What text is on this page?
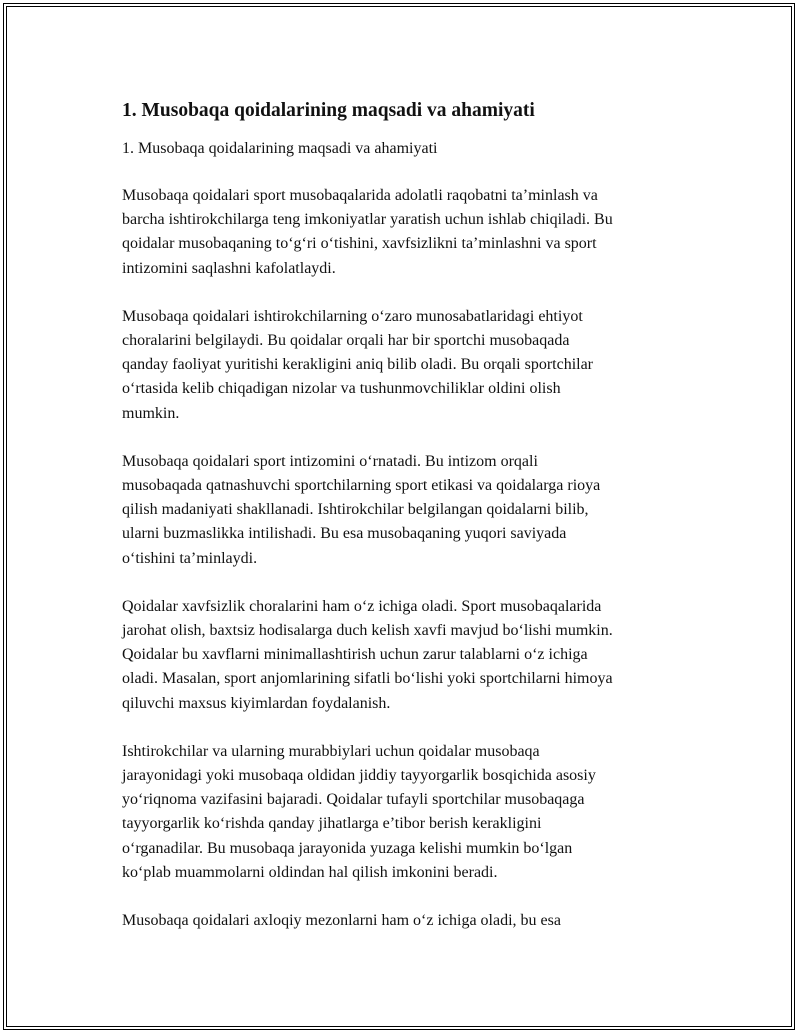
1. Musobaqa qoidalarining maqsadi va ahamiyati
1. Musobaqa qoidalarining maqsadi va ahamiyati
Musobaqa qoidalari sport musobaqalarida adolatli raqobatni ta’minlash va
barcha ishtirokchilarga teng imkoniyatlar yaratish uchun ishlab chiqiladi. Bu
qoidalar musobaqaning to‘g‘ri o‘tishini, xavfsizlikni ta’minlashni va sport
intizomini saqlashni kafolatlaydi.
Musobaqa qoidalari ishtirokchilarning o‘zaro munosabatlaridagi ehtiyot
choralarini belgilaydi. Bu qoidalar orqali har bir sportchi musobaqada
qanday faoliyat yuritishi kerakligini aniq bilib oladi. Bu orqali sportchilar
o‘rtasida kelib chiqadigan nizolar va tushunmovchiliklar oldini olish
mumkin.
Musobaqa qoidalari sport intizomini o‘rnatadi. Bu intizom orqali
musobaqada qatnashuvchi sportchilarning sport etikasi va qoidalarga rioya
qilish madaniyati shakllanadi. Ishtirokchilar belgilangan qoidalarni bilib,
ularni buzmaslikka intilishadi. Bu esa musobaqaning yuqori saviyada
o‘tishini ta’minlaydi.
Qoidalar xavfsizlik choralarini ham o‘z ichiga oladi. Sport musobaqalarida
jarohat olish, baxtsiz hodisalarga duch kelish xavfi mavjud bo‘lishi mumkin.
Qoidalar bu xavflarni minimallashtirish uchun zarur talablarni o‘z ichiga
oladi. Masalan, sport anjomlarining sifatli bo‘lishi yoki sportchilarni himoya
qiluvchi maxsus kiyimlardan foydalanish.
Ishtirokchilar va ularning murabbiylari uchun qoidalar musobaqa
jarayonidagi yoki musobaqa oldidan jiddiy tayyorgarlik bosqichida asosiy
yo‘riqnoma vazifasini bajaradi. Qoidalar tufayli sportchilar musobaqaga
tayyorgarlik ko‘rishda qanday jihatlarga e’tibor berish kerakligini
o‘rganadilar. Bu musobaqa jarayonida yuzaga kelishi mumkin bo‘lgan
ko‘plab muammolarni oldindan hal qilish imkonini beradi.
Musobaqa qoidalari axloqiy mezonlarni ham o‘z ichiga oladi, bu esa
